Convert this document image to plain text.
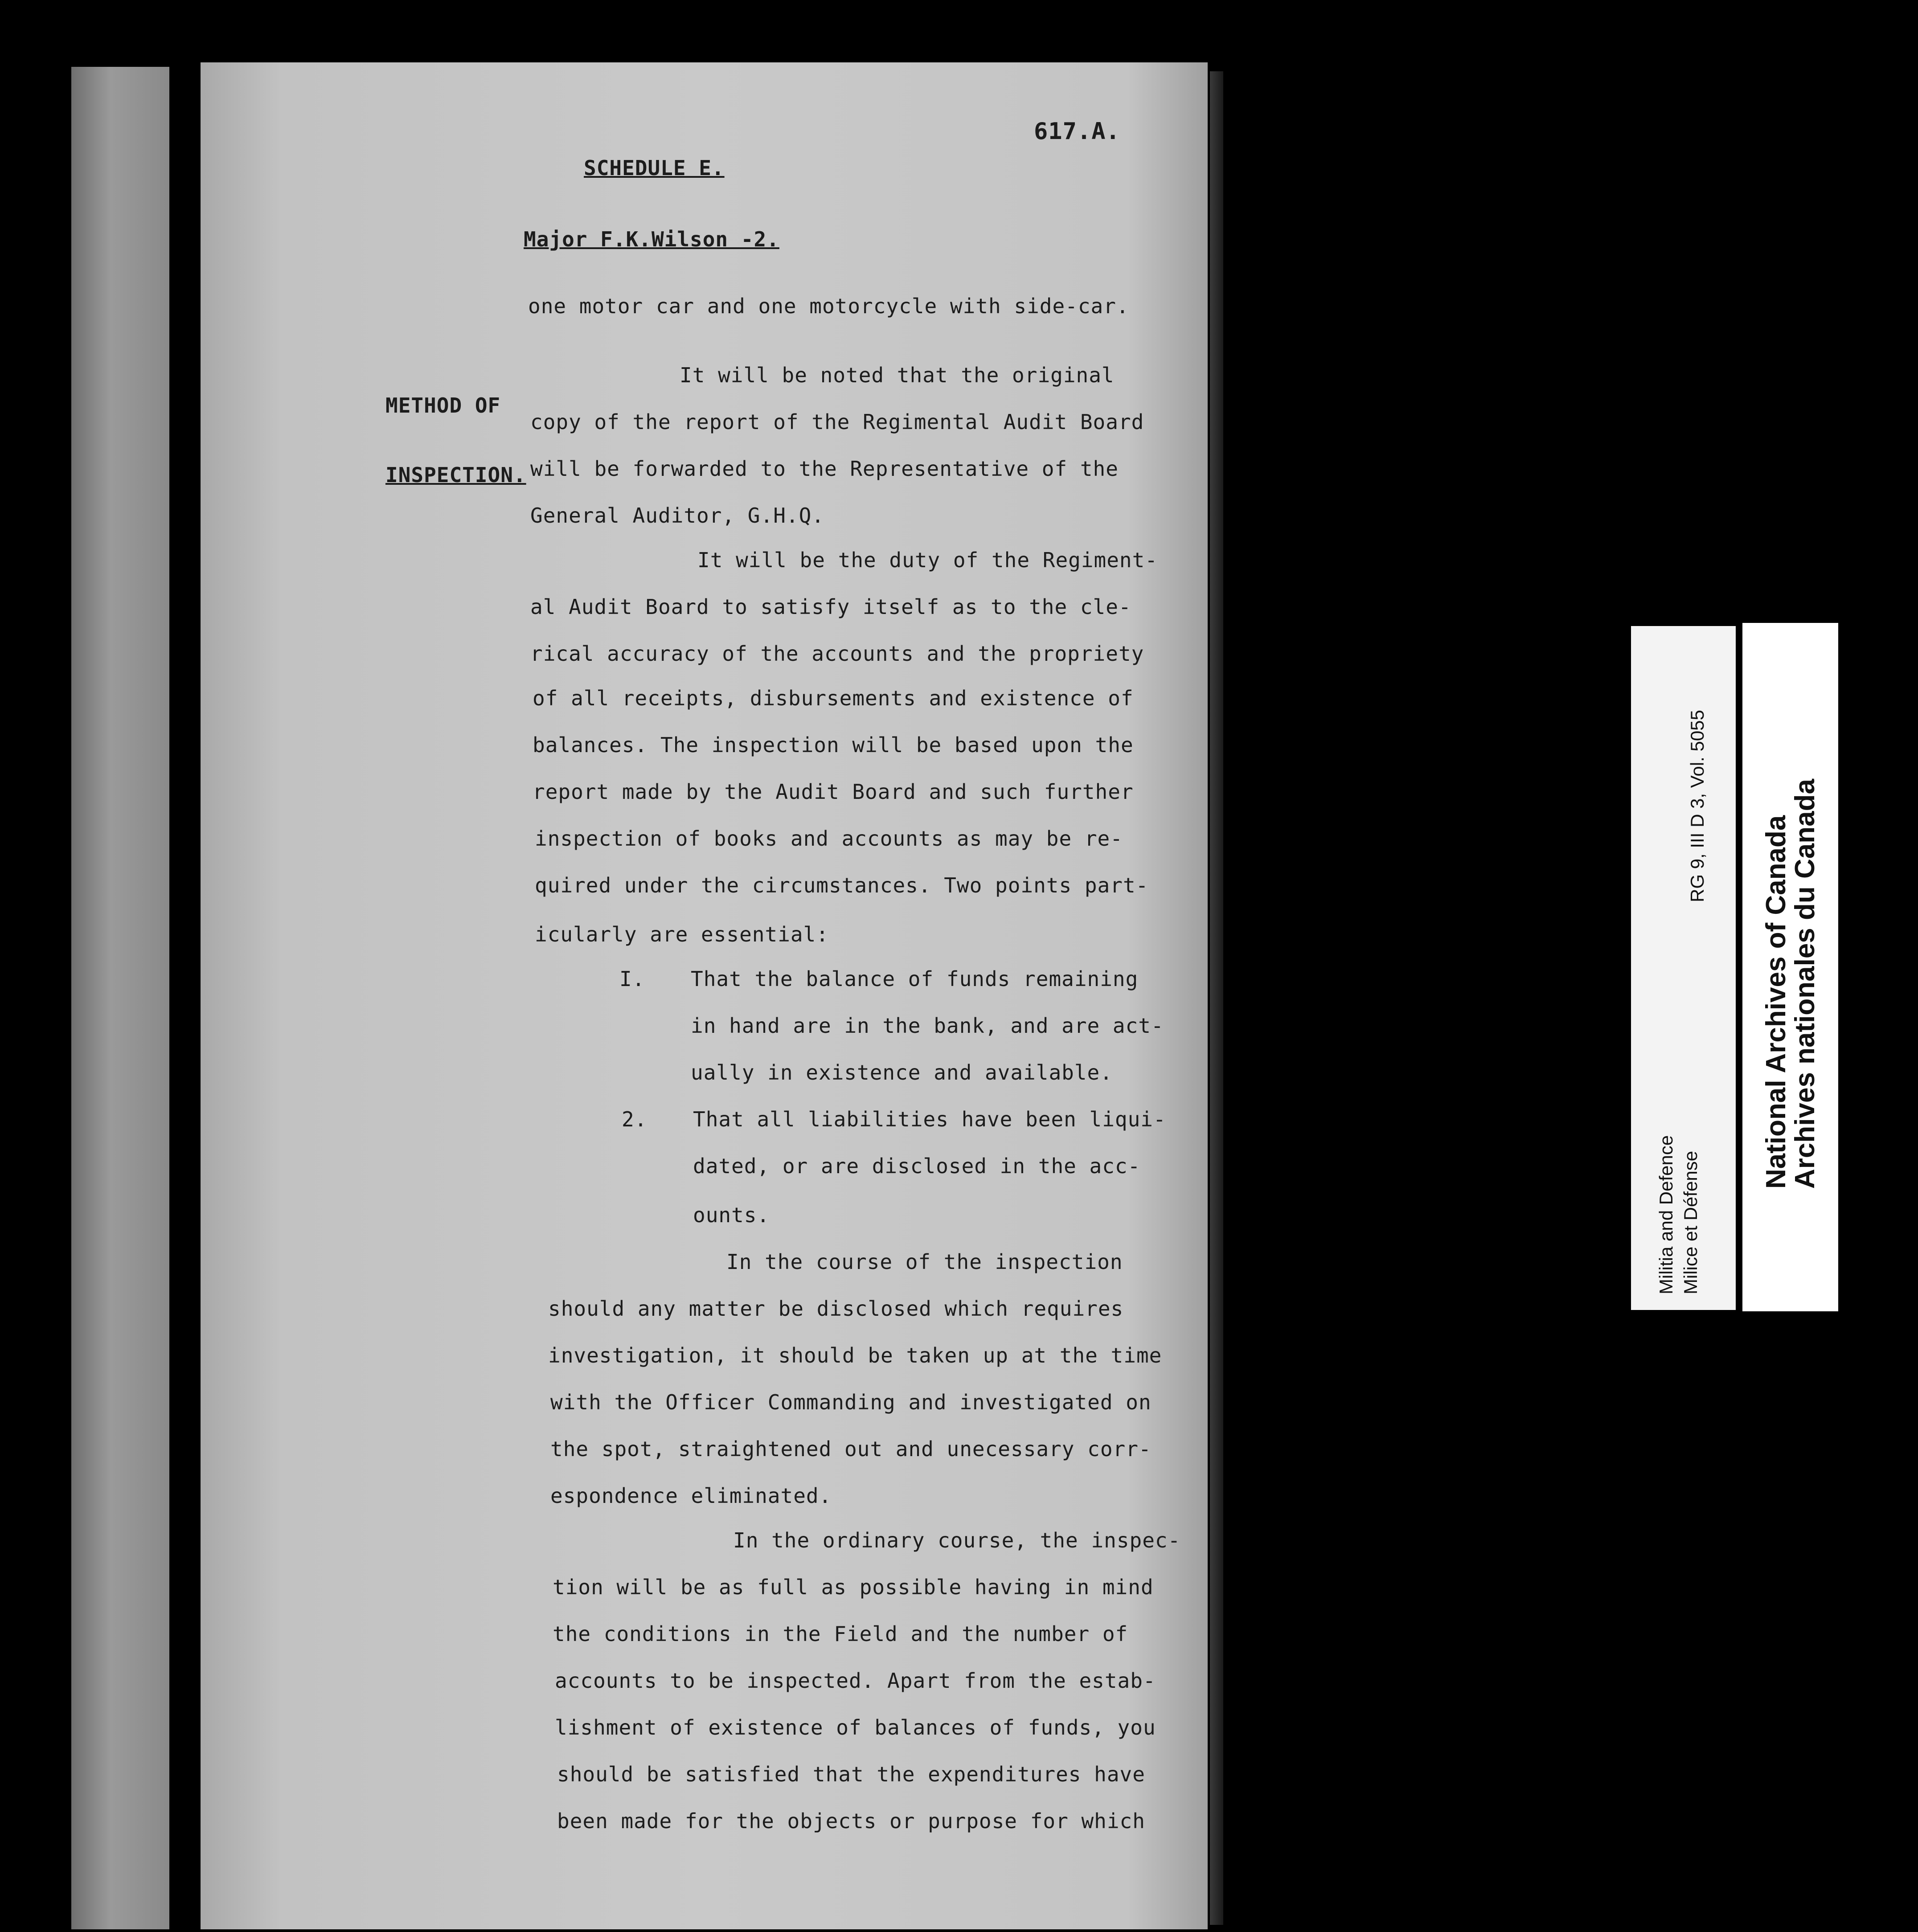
617.A.

SCHEDULE E.

Major F.K.Wilson -2.

one motor car and one motorcycle with side-car.

METHOD OF

INSPECTION.

It will be noted that the original

copy of the report of the Regimental Audit Board

will be forwarded to the Representative of the

General Auditor, G.H.Q.

It will be the duty of the Regiment-

al Audit Board to satisfy itself as to the cle-

rical accuracy of the accounts and the propriety

of all receipts, disbursements and existence of

balances. The inspection will be based upon the

report made by the Audit Board and such further

inspection of books and accounts as may be re-

quired under the circumstances. Two points part-

icularly are essential:

I.

That the balance of funds remaining

in hand are in the bank, and are act-

ually in existence and available.

2.

That all liabilities have been liqui-

dated, or are disclosed in the acc-

ounts.

In the course of the inspection

should any matter be disclosed which requires

investigation, it should be taken up at the time

with the Officer Commanding and investigated on

the spot, straightened out and unecessary corr-

espondence eliminated.

In the ordinary course, the inspec-

tion will be as full as possible having in mind

the conditions in the Field and the number of

accounts to be inspected. Apart from the estab-

lishment of existence of balances of funds, you

should be satisfied that the expenditures have

been made for the objects or purpose for which

Militia and Defence Milice et Défense
RG 9, III D 3, Vol. 5055
National Archives of Canada
Archives nationales du Canada
